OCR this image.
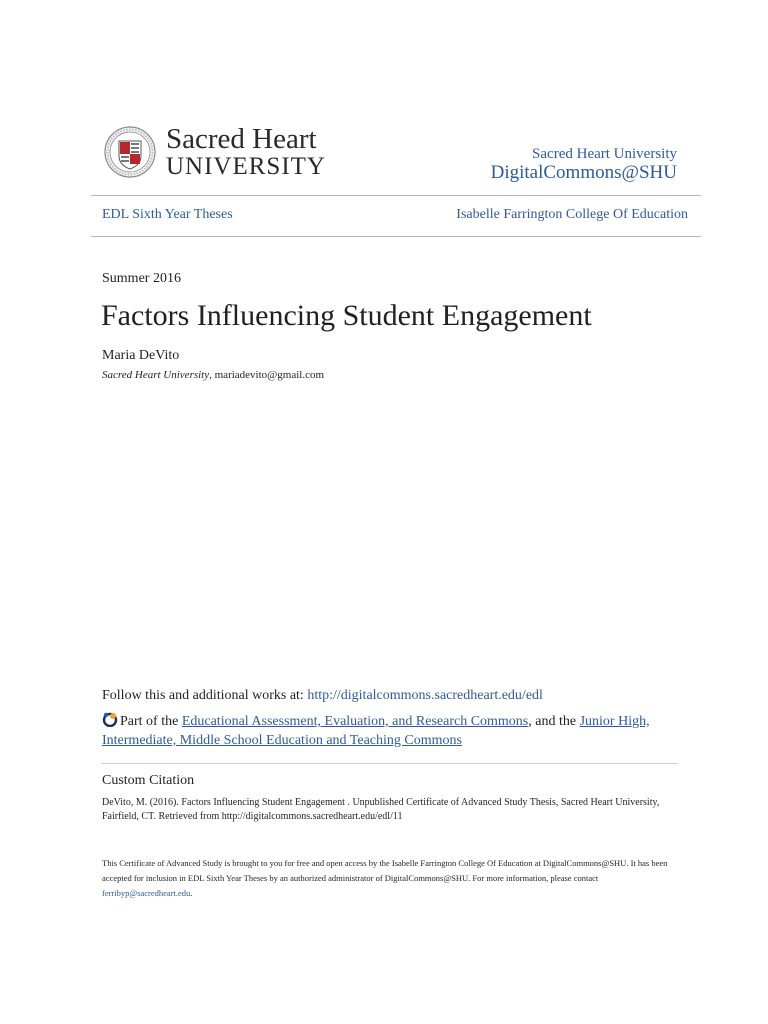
Sacred Heart
UNIVERSITY	Sacred Heart University
DigitalCommons@SHU
EDL Sixth Year Theses	Isabelle Farrington College Of Education
Summer 2016
Factors Influencing Student Engagement
Maria DeVito
Sacred Heart University, mariadevito@gmail.com
Follow this and additional works at: http://digitalcommons.sacredheart.edu/edl
Part of the Educational Assessment, Evaluation, and Research Commons, and the Junior High, Intermediate, Middle School Education and Teaching Commons
Custom Citation
DeVito, M. (2016). Factors Influencing Student Engagement . Unpublished Certificate of Advanced Study Thesis, Sacred Heart University, Fairfield, CT. Retrieved from http://digitalcommons.sacredheart.edu/edl/11
This Certificate of Advanced Study is brought to you for free and open access by the Isabelle Farrington College Of Education at DigitalCommons@SHU. It has been accepted for inclusion in EDL Sixth Year Theses by an authorized administrator of DigitalCommons@SHU. For more information, please contact ferribyp@sacredheart.edu.
